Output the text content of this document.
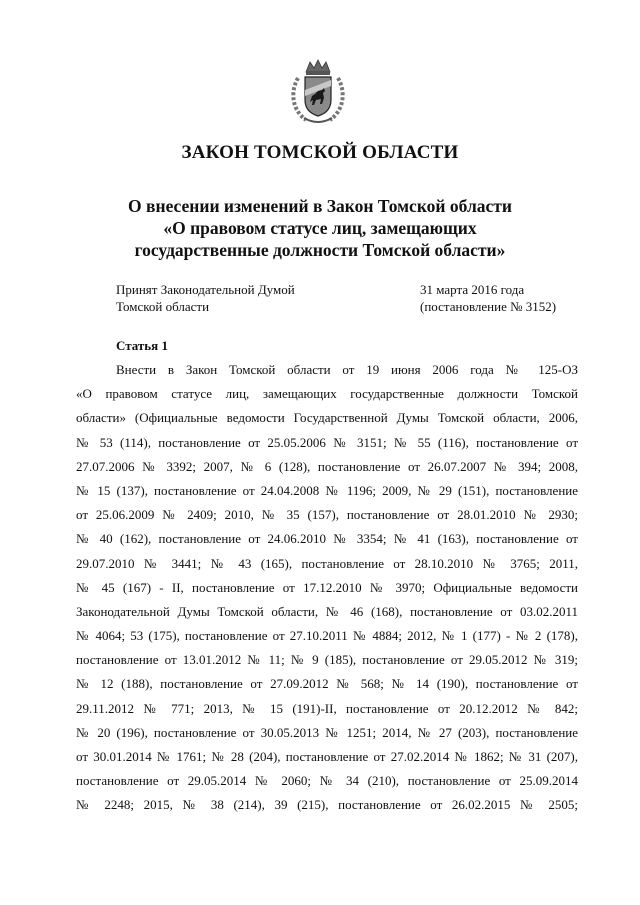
ЗАКОН ТОМСКОЙ ОБЛАСТИ
О внесении изменений в Закон Томской области
«О правовом статусе лиц, замещающих
государственные должности Томской области»
Принят Законодательной Думой
Томской области
31 марта 2016 года
(постановление № 3152)
Статья 1
Внести в Закон Томской области от 19 июня 2006 года № 125-ОЗ
«О правовом статусе лиц, замещающих государственные должности Томской
области» (Официальные ведомости Государственной Думы Томской области, 2006,
№ 53 (114), постановление от 25.05.2006 № 3151; № 55 (116), постановление от
27.07.2006 № 3392; 2007, № 6 (128), постановление от 26.07.2007 № 394; 2008,
№ 15 (137), постановление от 24.04.2008 № 1196; 2009, № 29 (151), постановление
от 25.06.2009 № 2409; 2010, № 35 (157), постановление от 28.01.2010 № 2930;
№ 40 (162), постановление от 24.06.2010 № 3354; № 41 (163), постановление от
29.07.2010 № 3441; № 43 (165), постановление от 28.10.2010 № 3765; 2011,
№ 45 (167) - II, постановление от 17.12.2010 № 3970; Официальные ведомости
Законодательной Думы Томской области, № 46 (168), постановление от 03.02.2011
№ 4064; 53 (175), постановление от 27.10.2011 № 4884; 2012, № 1 (177) - № 2 (178),
постановление от 13.01.2012 № 11; № 9 (185), постановление от 29.05.2012 № 319;
№ 12 (188), постановление от 27.09.2012 № 568; № 14 (190), постановление от
29.11.2012 № 771; 2013, № 15 (191)-II, постановление от 20.12.2012 № 842;
№ 20 (196), постановление от 30.05.2013 № 1251; 2014, № 27 (203), постановление
от 30.01.2014 № 1761; № 28 (204), постановление от 27.02.2014 № 1862; № 31 (207),
постановление от 29.05.2014 № 2060; № 34 (210), постановление от 25.09.2014
№ 2248; 2015, № 38 (214), 39 (215), постановление от 26.02.2015 № 2505;
